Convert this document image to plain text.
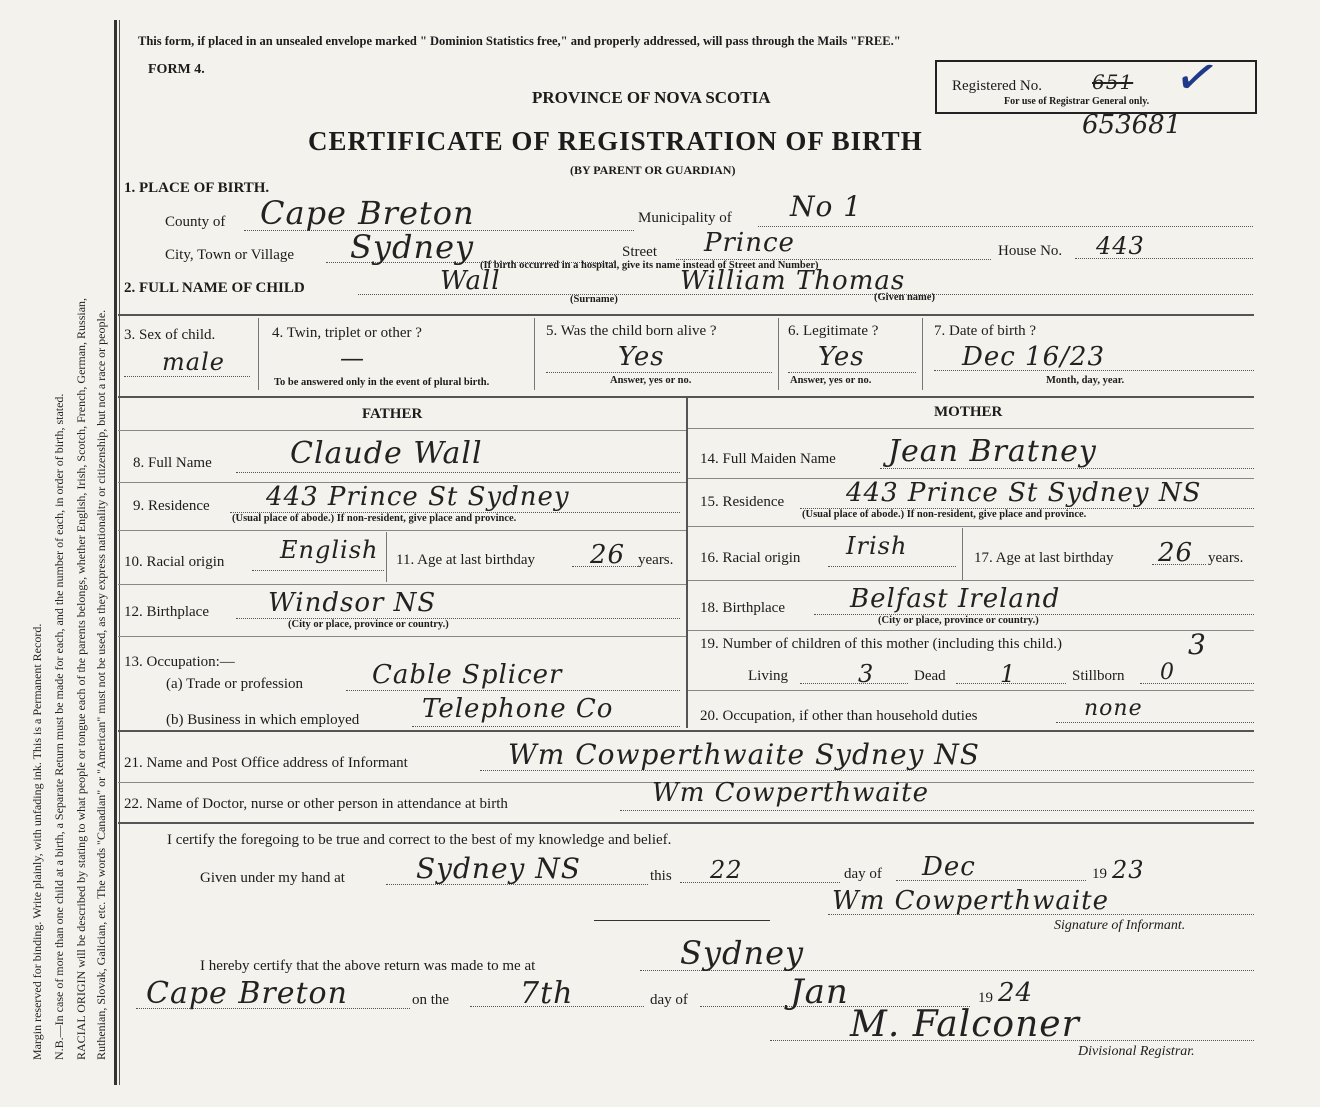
Margin reserved for binding. Write plainly, with unfading ink. This is a Permanent Record. N.B.—In case of more than one child at a birth, a Separate Return must be made for each, and the number of each, in order of birth, stated. RACIAL ORIGIN will be described by stating to what people or tongue each of the parents belongs, whether English, Irish, Scotch, French, German, Russian, Ruthenian, Slovak, Galician, etc. The words "Canadian" or "American" must not be used, as they express nationality or citizenship, but not a race or people.
This form, if placed in an unsealed envelope marked " Dominion Statistics free," and properly addressed, will pass through the Mails "FREE."
FORM 4.
PROVINCE OF NOVA SCOTIA
CERTIFICATE OF REGISTRATION OF BIRTH
(BY PARENT OR GUARDIAN)
Registered No.	651
For use of Registrar General only. ✓
653681
1. PLACE OF BIRTH.
County of Cape Breton	Municipality of No 1
City, Town or Village Sydney	Street Prince	House No. 443
(If birth occurred in a hospital, give its name instead of Street and Number)
2. FULL NAME OF CHILD	Wall	William Thomas
(Surname)	(Given name)
3. Sex of child.
male
4. Twin, triplet or other ?
—
To be answered only in the event of plural birth.
5. Was the child born alive ?
Yes
Answer, yes or no.
6. Legitimate ?
Yes
Answer, yes or no.
7. Date of birth ?
Dec 16/23
Month, day, year.
FATHER
8. Full Name	Claude Wall
9. Residence 443 Prince St Sydney
(Usual place of abode.) If non-resident, give place and province.
10. Racial origin English 11. Age at last birthday 26 years.
12. Birthplace Windsor NS
(City or place, province or country.)
13. Occupation:—
(a) Trade or profession	Cable Splicer
(b) Business in which employed Telephone Co
MOTHER
14. Full Maiden Name Jean Bratney
15. Residence 443 Prince St Sydney NS
(Usual place of abode.) If non-resident, give place and province.
16. Racial origin Irish	17. Age at last birthday 26 years.
18. Birthplace	Belfast Ireland
(City or place, province or country.)
19. Number of children of this mother (including this child.)	3
Living	3	Dead 1	Stillborn 0
20. Occupation, if other than household duties	none
21. Name and Post Office address of Informant	Wm Cowperthwaite Sydney NS
22. Name of Doctor, nurse or other person in attendance at birth	Wm Cowperthwaite
I certify the foregoing to be true and correct to the best of my knowledge and belief.
Given under my hand at	Sydney NS	this 22	day of Dec	19 23
Wm Cowperthwaite
Signature of Informant.
I hereby certify that the above return was made to me at	Sydney
Cape Breton	on the 7th	day of	Jan	19 24
M. Falconer
Divisional Registrar.
